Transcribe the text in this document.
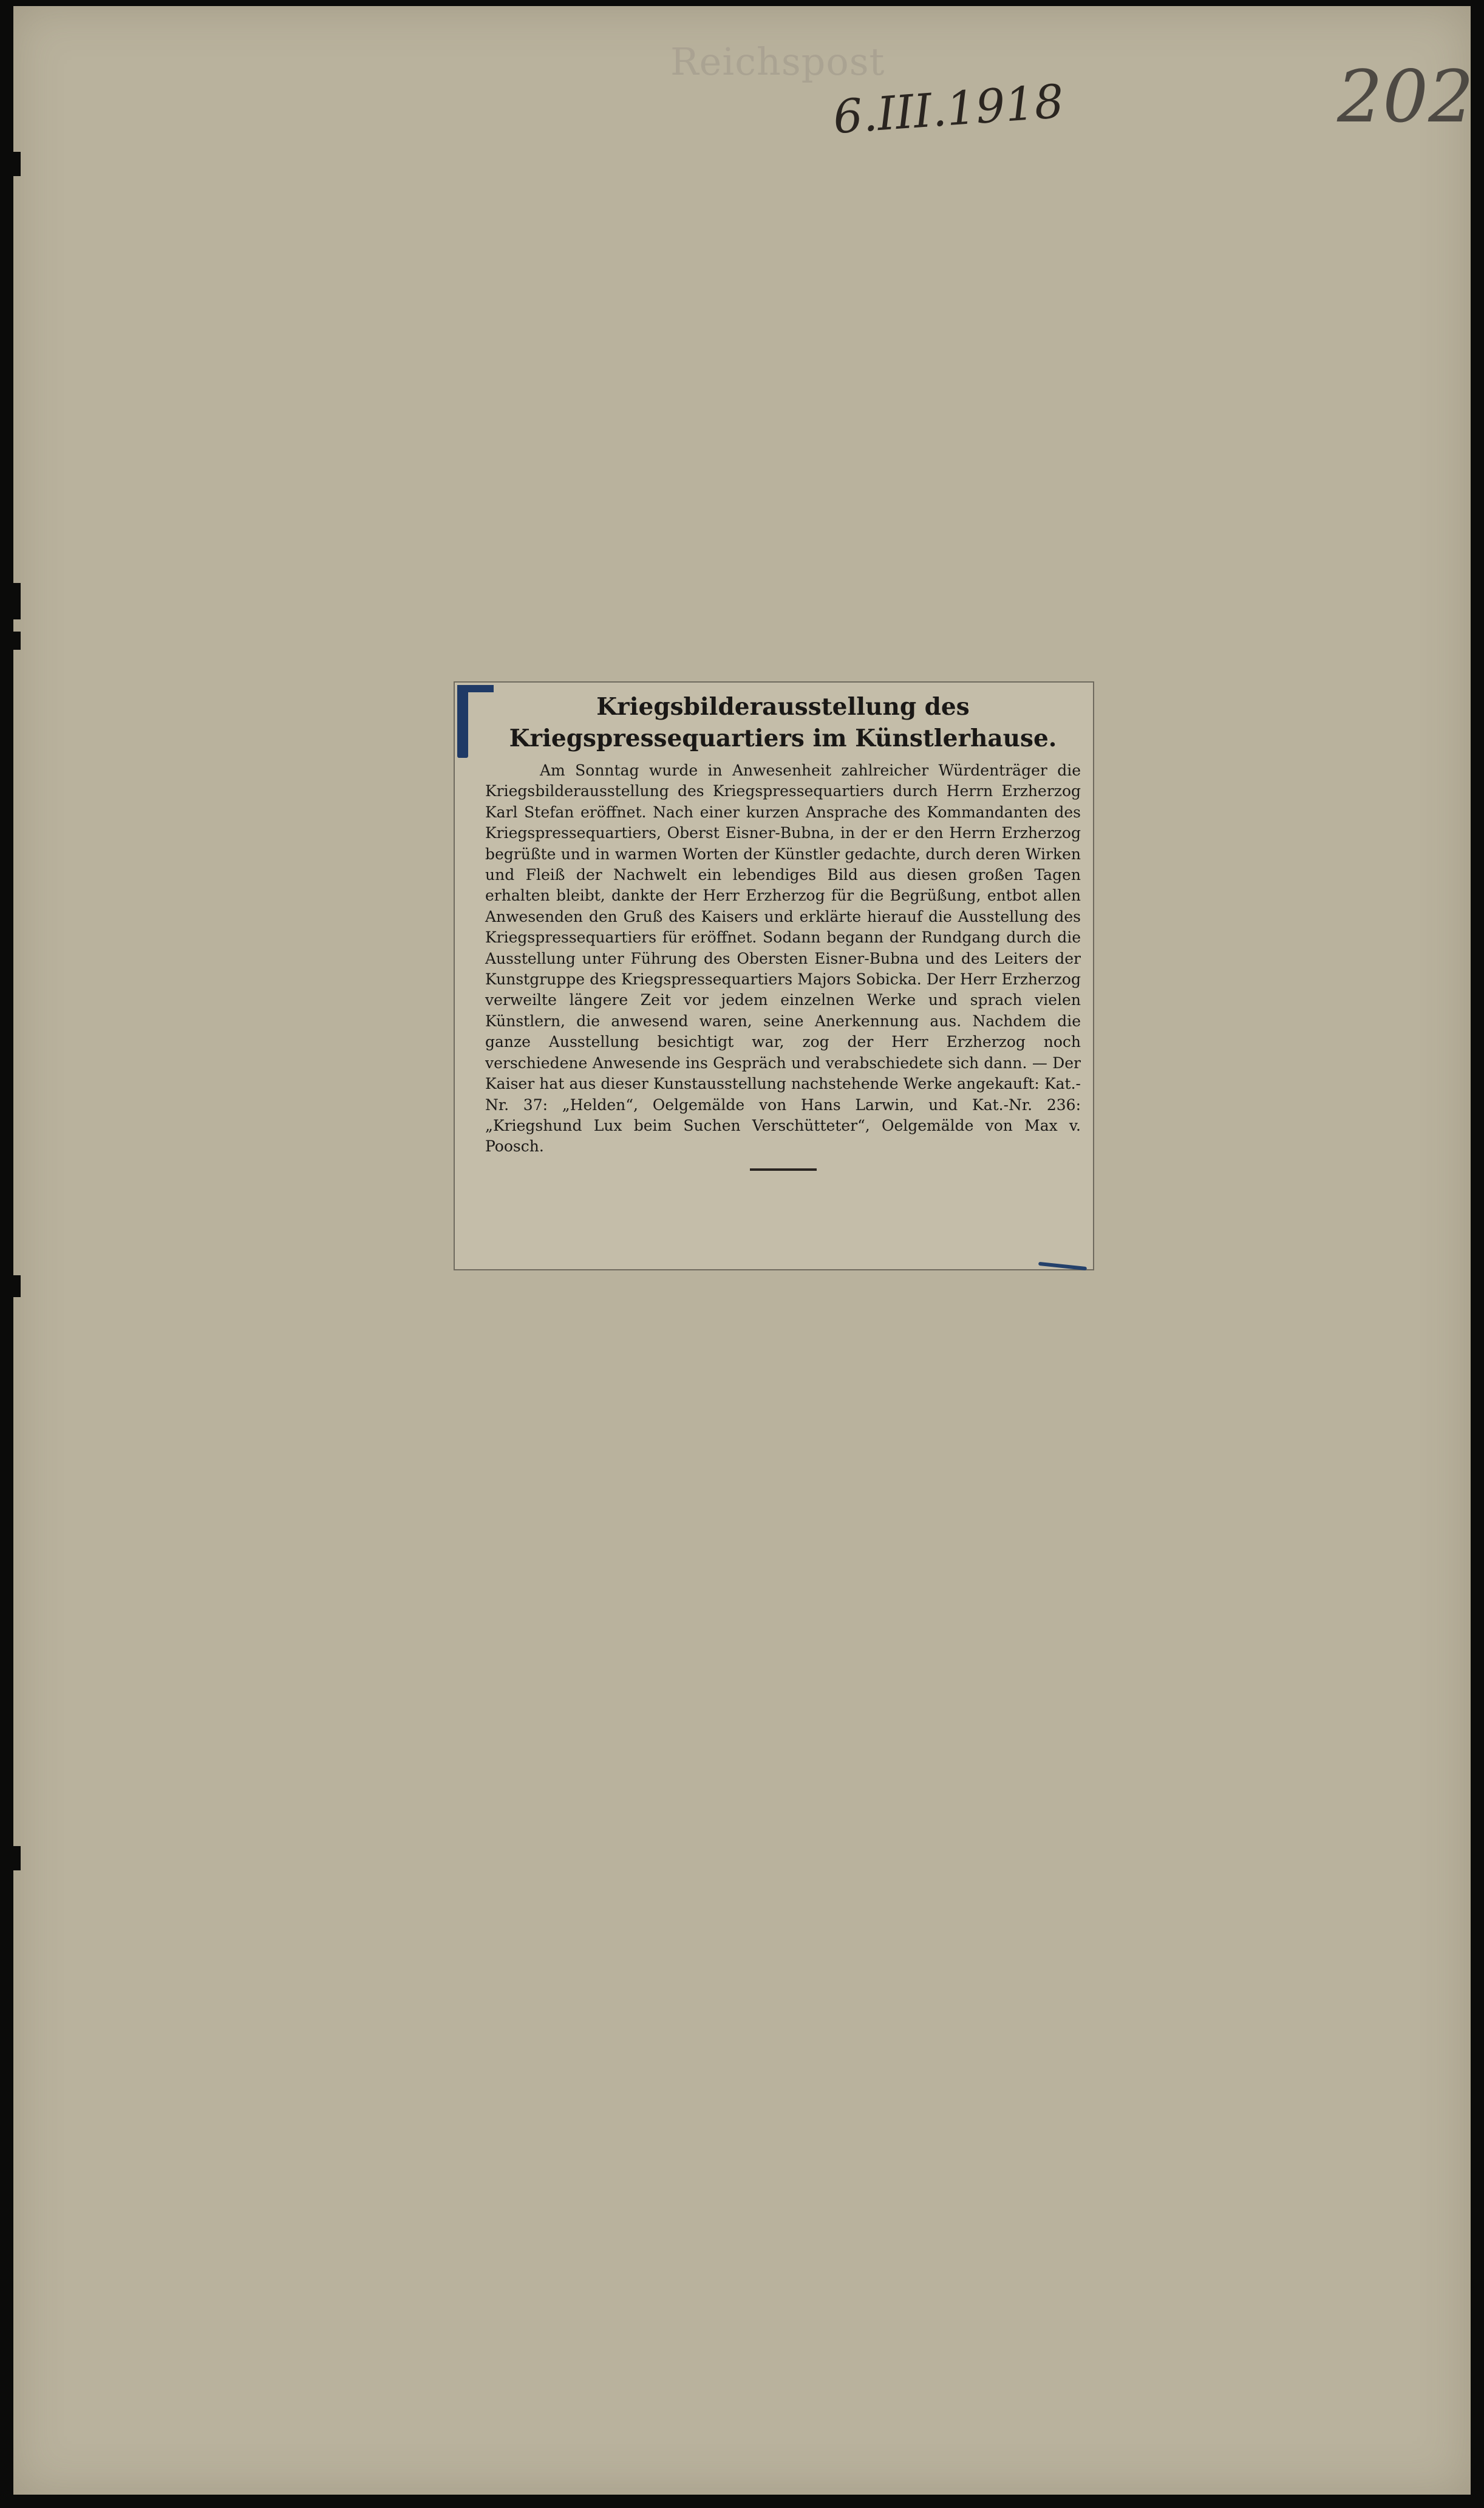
Reichspost
6.III.1918	202
Kriegsbilderausstellung des Kriegspressequartiers im Künstlerhause.

Am Sonntag wurde in Anwesenheit zahlreicher Würdenträger die Kriegsbilderausstellung des Kriegspressequartiers durch Herrn Erzherzog Karl Stefan eröffnet. Nach einer kurzen Ansprache des Kommandanten des Kriegspressequartiers, Oberst Eisner-Bubna, in der er den Herrn Erzherzog begrüßte und in warmen Worten der Künstler gedachte, durch deren Wirken und Fleiß der Nachwelt ein lebendiges Bild aus diesen großen Tagen erhalten bleibt, dankte der Herr Erzherzog für die Begrüßung, entbot allen Anwesenden den Gruß des Kaisers und erklärte hierauf die Ausstellung des Kriegspressequartiers für eröffnet. Sodann begann der Rundgang durch die Ausstellung unter Führung des Obersten Eisner-Bubna und des Leiters der Kunstgruppe des Kriegspressequartiers Majors Sobicka. Der Herr Erzherzog verweilte längere Zeit vor jedem einzelnen Werke und sprach vielen Künstlern, die anwesend waren, seine Anerkennung aus. Nachdem die ganze Ausstellung besichtigt war, zog der Herr Erzherzog noch verschiedene Anwesende ins Gespräch und verabschiedete sich dann. — Der Kaiser hat aus dieser Kunstausstellung nachstehende Werke angekauft: Kat.-Nr. 37: „Helden“, Oelgemälde von Hans Larwin, und Kat.-Nr. 236: „Kriegshund Lux beim Suchen Verschütteter“, Oelgemälde von Max v. Poosch.
